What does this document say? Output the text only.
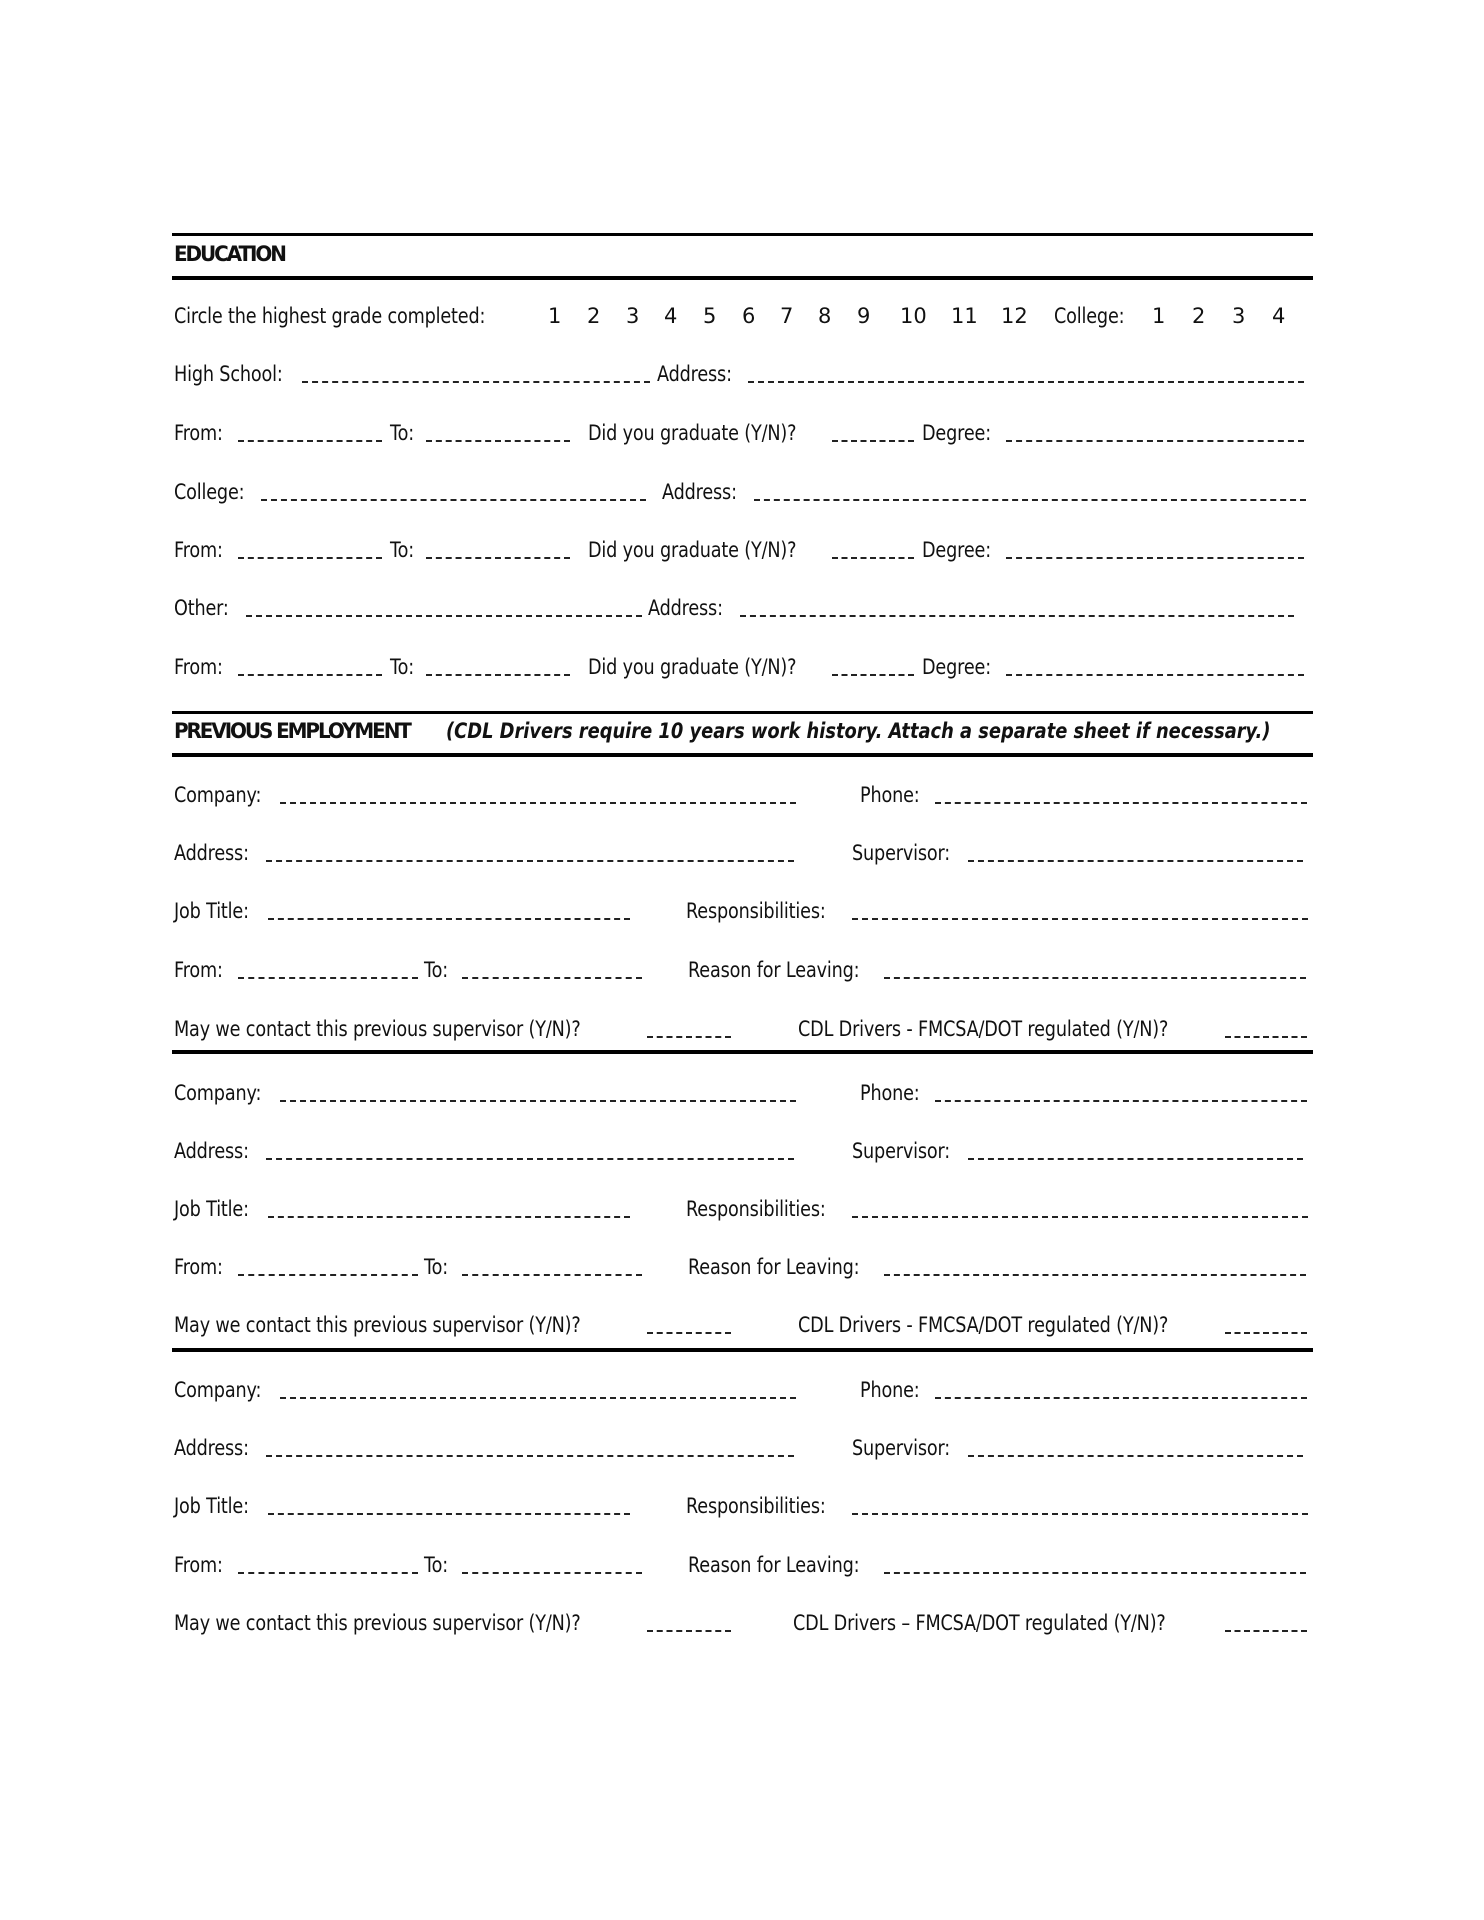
EDUCATION
Circle the highest grade completed:	1 2 3 4 5 6 7 8 9 10 11 12 College: 1 2 3 4
High School:	Address:
From:	To:	Did you graduate (Y/N)?	Degree:
College:	Address:
From:	To:	Did you graduate (Y/N)?	Degree:
Other:	Address:
From:	To:	Did you graduate (Y/N)?	Degree:
PREVIOUS EMPLOYMENT (CDL Drivers require 10 years work history. Attach a separate sheet if necessary.)
Company:	Phone:
Address:	Supervisor:
Job Title:	Responsibilities:
From:	To:	Reason for Leaving:
May we contact this previous supervisor (Y/N)?	CDL Drivers - FMCSA/DOT regulated (Y/N)?
Company:	Phone:
Address:	Supervisor:
Job Title:	Responsibilities:
From:	To:	Reason for Leaving:
May we contact this previous supervisor (Y/N)?	CDL Drivers - FMCSA/DOT regulated (Y/N)?
Company:	Phone:
Address:	Supervisor:
Job Title:	Responsibilities:
From:	To:	Reason for Leaving:
May we contact this previous supervisor (Y/N)?	CDL Drivers – FMCSA/DOT regulated (Y/N)?
